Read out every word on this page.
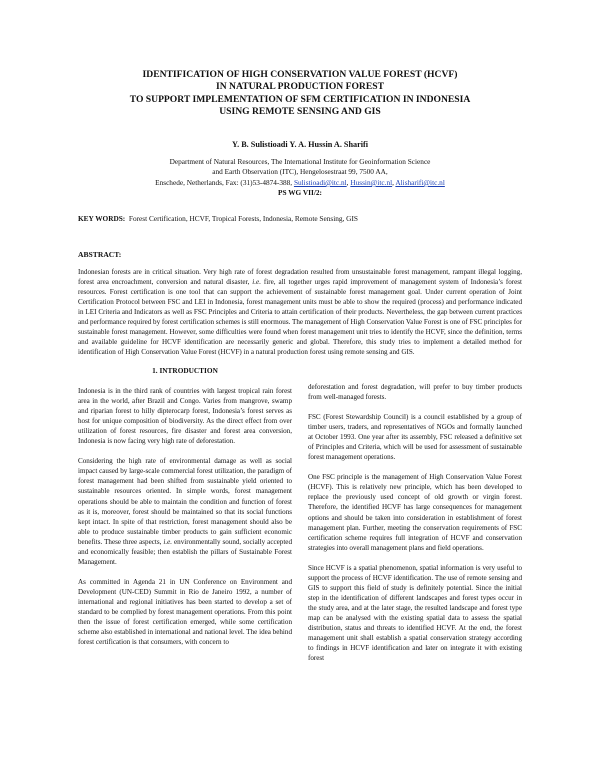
IDENTIFICATION OF HIGH CONSERVATION VALUE FOREST (HCVF)
IN NATURAL PRODUCTION FOREST
TO SUPPORT IMPLEMENTATION OF SFM CERTIFICATION IN INDONESIA
USING REMOTE SENSING AND GIS
Y. B. Sulistioadi Y. A. Hussin A. Sharifi
Department of Natural Resources, The International Institute for Geoinformation Science
and Earth Observation (ITC), Hengelosestraat 99, 7500 AA,
Enschede, Netherlands, Fax: (31)53-4874-388, Sulistioadi@itc.nl, Hussin@itc.nl, Alisharifi@itc.nl
PS WG VII/2:
KEY WORDS: Forest Certification, HCVF, Tropical Forests, Indonesia, Remote Sensing, GIS
ABSTRACT:
Indonesian forests are in critical situation. Very high rate of forest degradation resulted from unsustainable forest management, rampant illegal logging, forest area encroachment, conversion and natural disaster, i.e. fire, all together urges rapid improvement of management system of Indonesia’s forest resources. Forest certification is one tool that can support the achievement of sustainable forest management goal. Under current operation of Joint Certification Protocol between FSC and LEI in Indonesia, forest management units must be able to show the required (process) and performance indicated in LEI Criteria and Indicators as well as FSC Principles and Criteria to attain certification of their products. Nevertheless, the gap between current practices and performance required by forest certification schemes is still enormous. The management of High Conservation Value Forest is one of FSC principles for sustainable forest management. However, some difficulties were found when forest management unit tries to identify the HCVF, since the definition, terms and available guideline for HCVF identification are necessarily generic and global. Therefore, this study tries to implement a detailed method for identification of High Conservation Value Forest (HCVF) in a natural production forest using remote sensing and GIS.
1. INTRODUCTION

Indonesia is in the third rank of countries with largest tropical rain forest area in the world, after Brazil and Congo. Varies from mangrove, swamp and riparian forest to hilly dipterocarp forest, Indonesia’s forest serves as host for unique composition of biodiversity. As the direct effect from over utilization of forest resources, fire disaster and forest area conversion, Indonesia is now facing very high rate of deforestation.

Considering the high rate of environmental damage as well as social impact caused by large-scale commercial forest utilization, the paradigm of forest management had been shifted from sustainable yield oriented to sustainable resources oriented. In simple words, forest management operations should be able to maintain the condition and function of forest as it is, moreover, forest should be maintained so that its social functions kept intact. In spite of that restriction, forest management should also be able to produce sustainable timber products to gain sufficient economic benefits. These three aspects, i.e. environmentally sound, socially accepted and economically feasible; then establish the pillars of Sustainable Forest Management.

As committed in Agenda 21 in UN Conference on Environment and Development (UN-CED) Summit in Rio de Janeiro 1992, a number of international and regional initiatives has been started to develop a set of standard to be complied by forest management operations. From this point then the issue of forest certification emerged, while some certification scheme also established in international and national level. The idea behind forest certification is that consumers, with concern to

deforestation and forest degradation, will prefer to buy timber products from well-managed forests.

FSC (Forest Stewardship Council) is a council established by a group of timber users, traders, and representatives of NGOs and formally launched at October 1993. One year after its assembly, FSC released a definitive set of Principles and Criteria, which will be used for assessment of sustainable forest management operations.

One FSC principle is the management of High Conservation Value Forest (HCVF). This is relatively new principle, which has been developed to replace the previously used concept of old growth or virgin forest. Therefore, the identified HCVF has large consequences for management options and should be taken into consideration in establishment of forest management plan. Further, meeting the conservation requirements of FSC certification scheme requires full integration of HCVF and conservation strategies into overall management plans and field operations.

Since HCVF is a spatial phenomenon, spatial information is very useful to support the process of HCVF identification. The use of remote sensing and GIS to support this field of study is definitely potential. Since the initial step in the identification of different landscapes and forest types occur in the study area, and at the later stage, the resulted landscape and forest type map can be analysed with the existing spatial data to assess the spatial distribution, status and threats to identified HCVF. At the end, the forest management unit shall establish a spatial conservation strategy according to findings in HCVF identification and later on integrate it with existing forest
